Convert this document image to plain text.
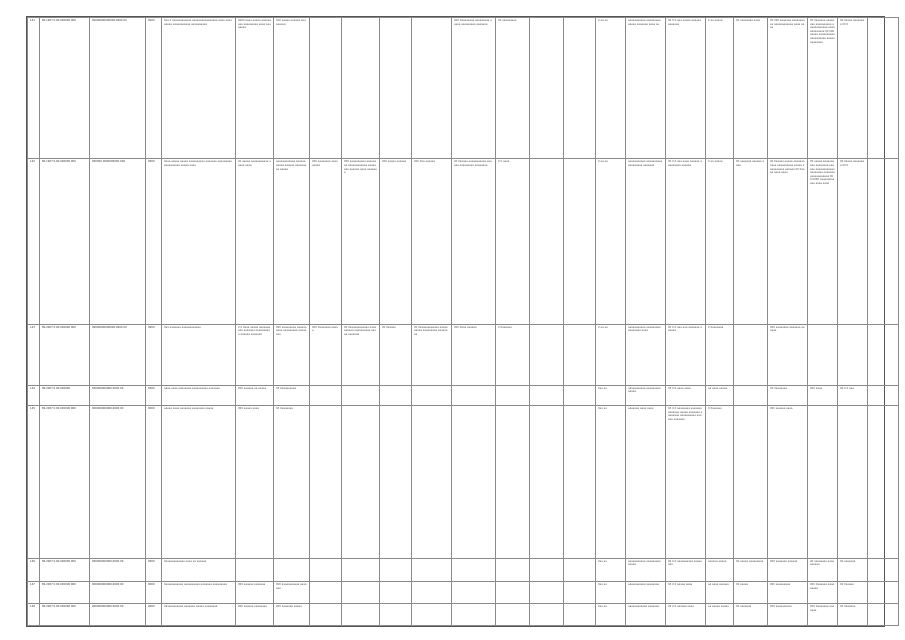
141	80.1907 0.00.000000 000	00000000000000.0000 00	0000	0aa 0 aaaaaaaaaaaa aaaaaaaaaaaaaaaa aaaa aaaaaaaaa aaaaaaaaaaa aaaaaaaaaa	0000 aaaa aaaaa aaaaaaaaa aaaaaaaaa aaaa aaaaaaaa	000 aaaaa aaaaaa aaaaaaaaa					000 0aaaaaaaa aaaaaaaaa aaaaa aaaaaaaaa aaaaaaa	00 aaaaaaaaa			0 aa aa	aaaaaaaaaaa aaaaaaaaa aaaaa aaaaaaa aaaa aa	00 0.0 aaa aaaaa aaaaaa aaaaaaa	0 aa aaaaa	00 aaaaaaaa aaaa	00 000 aaaaaaa aaaaaaaaaa aaaaaaaaaaaa aaaa aaaa	00 0aaaaaa aaaaaaaa aaaaaaaaaa aaaaaaaaaaaa aaaaaaaaaaaaa 00 000 aaaaa aaaaaaaaaa aaaaaaaaaa aaaaaaaaaaaaa	00 0aaaa aaaaaaaa 00 0	
142	80.1907 0.00.000000 000	000000 0000000000 000	0000	0aaa aaaaa aaaaa aaaaaaaaaa aaaaaaa aaaaaaaaa aaaaaaaaaa aaaaa aaaa	00 aaaaa aaaaaaaaaaa aaaaa aaaa	aaaaaaaaaaaa aaaaaaaaaaa aaaaaa aaaaaaaaa aaaaa	000 aaaaaaaa aaaaaaaaa	000 aaaaaaaaaa aaaaaaaa aaaaaaaaaaaa aaaaaaaa aaaaaa aaaa aaaaaaa	000 aaaaa aaaaaa	000 0aa aaaaaa	00 0aaaaa aaaaaaaaaaa aaaaaa aaaaaaaaa aaaaaaaa	0 0 aaaa			0 aa aa	aaaaaaaaaaa aaaaaaaaaa aaaaaaaaa aaaaaaa	00 0.0 aaa aaaa aaaaaa aaaaaaaaa aaaaaa	0 aa aaaaa	00 aaaaaaa aaaaaa aaaa	00 0aaaaa aaaaa aaaaaaaaaaa aaaaaaaaaa aaaaa aaaaaaaaaa aaaaaa 00 0aaaa aaaa aaaa	00 aaaaa aaaaaaaaaa aaaaaaaa aaaaaa aaaaaaaaaaaa aaaaaaaa aaaaaaa aaaaaaaaaaaa 00 0.0000 aaaaaaaaaaaa aaaa aaaa	00 0aaaa aaaaaaaa 00 0	
143	80.2007 0.00.000000 000	00000000000000.0000 00	0000	0aa aaaaaaa aaaaaaaaaaaa	0 0 0aaa aaaaa aaaaaaaaaa aaaaaaa aaaaaaaaaa aaaaaa aaaaaaa	000 aaaaaaaaa aaaaaaaaaa aaaaaaaaa aaaaaaaa	000 0aaaaaaa aaaaa	00 0aaaaaaaaaaaa aaaaaaaaaa aaaaaaaaaa aaaaa aaaaaaa	00 0aaaaa	00 0aaaaaaaaaaaa aaaaaaaaaa aaaaaaaaa aaaaaaaa	000 0aaa aaaaaa	0 0aaaaaa			0 aa aa	aaaaaaaaaaa aaaaaaaaa aaaaaaaa aaaa	00 0.0 aaa aaa aaaaaaa aaaaaa	0 0aaaaaaa		000 aaaaaaaa aaaaaaa aaaaaa			
144	80.2007 0.00.000000	000000000000.0000 00	0000	aaaa aaaa aaaaaaaa aaaaaaaaaa aaaaaaa	000 aaaaaa aa aaaaa	00 0aaaaaaaaa									0aa aa	aaaaaaaaaaa aaaaaaaaa aaaaa	00 0.0 aaaa aaaa	aa aaaa aaaaa		00 0aaaaaaa	000 aaaa	00 0.0 aaa	
145	80.2007 0.00.000000 000	000000000000.0000 00	0000	aaaaa aaaa aaaaaaa aaaaaaaa aaaaa	000 aaaaa aaaa	00 0aaaaaaa									0aa aa	aaaaaaa aaaa aaaa	00 0.0 aaaaaaaa aaaaaaa aaaaaaa aaaaa aaaaaaa aaaaaaaa aaaaaaaaaa aaaaaa aaaaaaa	0 0aaaaaa		000 aaaaaa aaaa			
146	80.2007 0.00.000000 000	000000000000.0000 00	0000	0aaaaaaaaaaaa aaaa aa aaaaaa											0aa aa	aaaaaaaaaaa aaaaaaaaa aaaaa	00 0.0 aaaaaaaaaa aaaaaaaa	aaaaaa aaaaa	00 aaaaa aaaaaaaaa	000 aaaaaaa aaaaaa	00 aaaaaaaa aaaaaaaaaa	00 aaaaaaa	
147	80.2007 0.00.000000 000	000000000000.0000 00	0000	0aaaaaaaaaaa aaaaaaaaaa aaaaaaa aaaaaaaaa	000 aaaaaa aaaaaaa	000 aaaaaaaaaaa aaaaaaa									0aa aa	aaaaaaaaaaa aaaaaaaa	00 0.0 aaaaa aaaa	aa aaaa aaaaaa	00 aaaaa	000 aaaaaaaaa	000 0aaaaaa aaaaaaaaa	00 0aaaaa	
148	80.2007 0.00.000000 000	000000000000.0000 00	0000	0aaaaaaaaaaa aaaaaaa aaaaa aaaaaaaa	000 aaaaaa aaaaaaaa	000 aaaaaaa aaaaa									0aa aa	aaaaaaaaaaaa aaaaaaa	00 0.0 aaaaaa aaaa	aa aaaaa aaaaa	00 aaaaaaa	000 aaaaaaaaaa	000 0aaaaaaa aaaaaaa	00 0aaaaaa	
